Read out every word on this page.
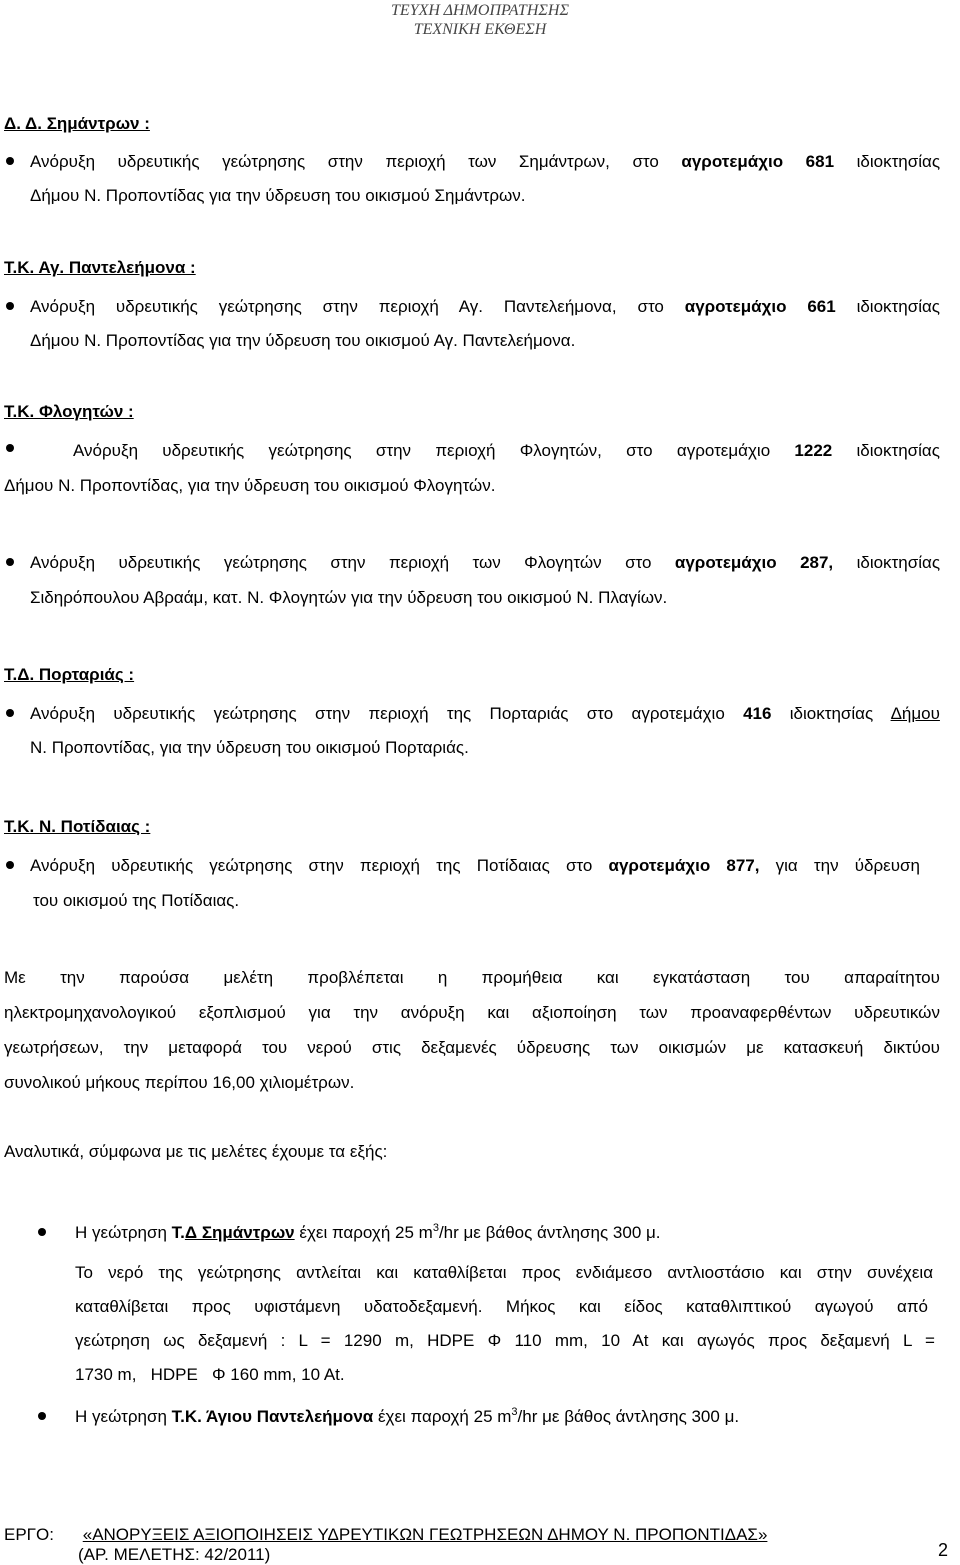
ΤΕΥΧΗ ΔΗΜΟΠΡΑΤΗΣΗΣ
ΤΕΧΝΙΚΗ ΕΚΘΕΣΗ
Δ. Δ. Σημάντρων :
Ανόρυξη υδρευτικής γεώτρησης στην περιοχή των Σημάντρων, στο αγροτεμάχιο 681 ιδιοκτησίας
Δήμου Ν. Προποντίδας για την ύδρευση του οικισμού Σημάντρων.
Τ.Κ. Αγ. Παντελεήμονα :
Ανόρυξη υδρευτικής γεώτρησης στην περιοχή Αγ. Παντελεήμονα, στο αγροτεμάχιο 661 ιδιοκτησίας
Δήμου Ν. Προποντίδας για την ύδρευση του οικισμού Αγ. Παντελεήμονα.
Τ.Κ. Φλογητών :
Ανόρυξη υδρευτικής γεώτρησης στην περιοχή Φλογητών, στο αγροτεμάχιο 1222 ιδιοκτησίας
Δήμου Ν. Προποντίδας, για την ύδρευση του οικισμού Φλογητών.
Ανόρυξη υδρευτικής γεώτρησης στην περιοχή των Φλογητών στο αγροτεμάχιο 287, ιδιοκτησίας
Σιδηρόπουλου Αβραάμ, κατ. Ν. Φλογητών για την ύδρευση του οικισμού Ν. Πλαγίων.
Τ.Δ. Πορταριάς :
Ανόρυξη υδρευτικής γεώτρησης στην περιοχή της Πορταριάς στο αγροτεμάχιο 416 ιδιοκτησίας Δήμου
Ν. Προποντίδας, για την ύδρευση του οικισμού Πορταριάς.
Τ.Κ. Ν. Ποτίδαιας :
Ανόρυξη υδρευτικής γεώτρησης στην περιοχή της Ποτίδαιας στο αγροτεμάχιο 877, για την ύδρευση
του οικισμού της Ποτίδαιας.
Με την παρούσα μελέτη προβλέπεται η προμήθεια και εγκατάσταση του απαραίτητου
ηλεκτρομηχανολογικού εξοπλισμού για την ανόρυξη και αξιοποίηση των προαναφερθέντων υδρευτικών
γεωτρήσεων, την μεταφορά του νερού στις δεξαμενές ύδρευσης των οικισμών με κατασκευή δικτύου
συνολικού μήκους περίπου 16,00 χιλιομέτρων.
Αναλυτικά, σύμφωνα με τις μελέτες έχουμε τα εξής:
Η γεώτρηση Τ.Δ Σημάντρων έχει παροχή 25 $m^3/hr$ με βάθος άντλησης 300 μ.
Το νερό της γεώτρησης αντλείται και καταθλίβεται προς ενδιάμεσο αντλιοστάσιο και στην συνέχεια
καταθλίβεται προς υφιστάμενη υδατοδεξαμενή. Μήκος και είδος καταθλιπτικού αγωγού από
γεώτρηση ως δεξαμενή : L = 1290 m, HDPE Φ 110 mm, 10 At και αγωγός προς δεξαμενή L =
1730 m,   HDPE   Φ 160 mm, 10 At.
Η γεώτρηση Τ.Κ. Άγιου Παντελεήμονα έχει παροχή 25 $m^3/hr$ με βάθος άντλησης 300 μ.
ΕΡΓΟ: «ΑΝΟΡΥΞΕΙΣ ΑΞΙΟΠΟΙΗΣΕΙΣ ΥΔΡΕΥΤΙΚΩΝ ΓΕΩΤΡΗΣΕΩΝ ΔΗΜΟΥ Ν. ΠΡΟΠΟΝΤΙΔΑΣ»
(ΑΡ. ΜΕΛΕΤΗΣ: 42/2011)	2
